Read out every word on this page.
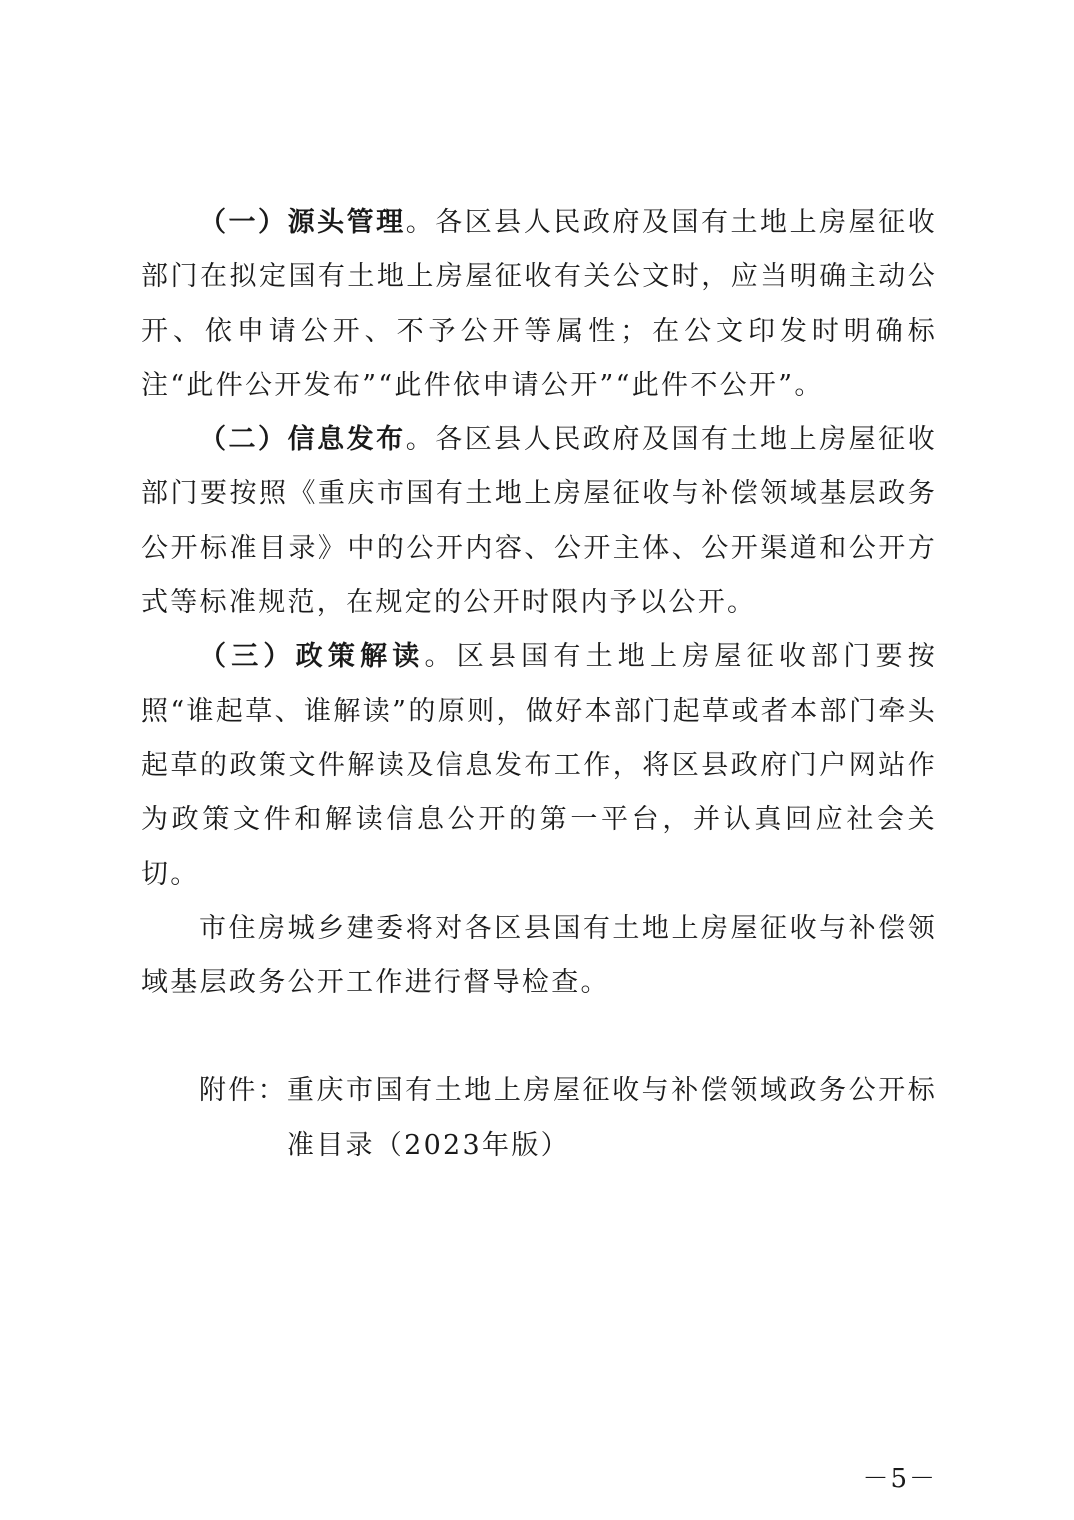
（一）源头管理。各区县人民政府及国有土地上房屋征收部门在拟定国有土地上房屋征收有关公文时，应当明确主动公开、依申请公开、不予公开等属性；在公文印发时明确标注“此件公开发布”“此件依申请公开”“此件不公开”。

（二）信息发布。各区县人民政府及国有土地上房屋征收部门要按照《重庆市国有土地上房屋征收与补偿领域基层政务公开标准目录》中的公开内容、公开主体、公开渠道和公开方式等标准规范，在规定的公开时限内予以公开。

（三）政策解读。区县国有土地上房屋征收部门要按照“谁起草、谁解读”的原则，做好本部门起草或者本部门牵头起草的政策文件解读及信息发布工作，将区县政府门户网站作为政策文件和解读信息公开的第一平台，并认真回应社会关切。

市住房城乡建委将对各区县国有土地上房屋征收与补偿领域基层政务公开工作进行督导检查。

附件： 重庆市国有土地上房屋征收与补偿领域政务公开标准目录（2023年版）
－5－
